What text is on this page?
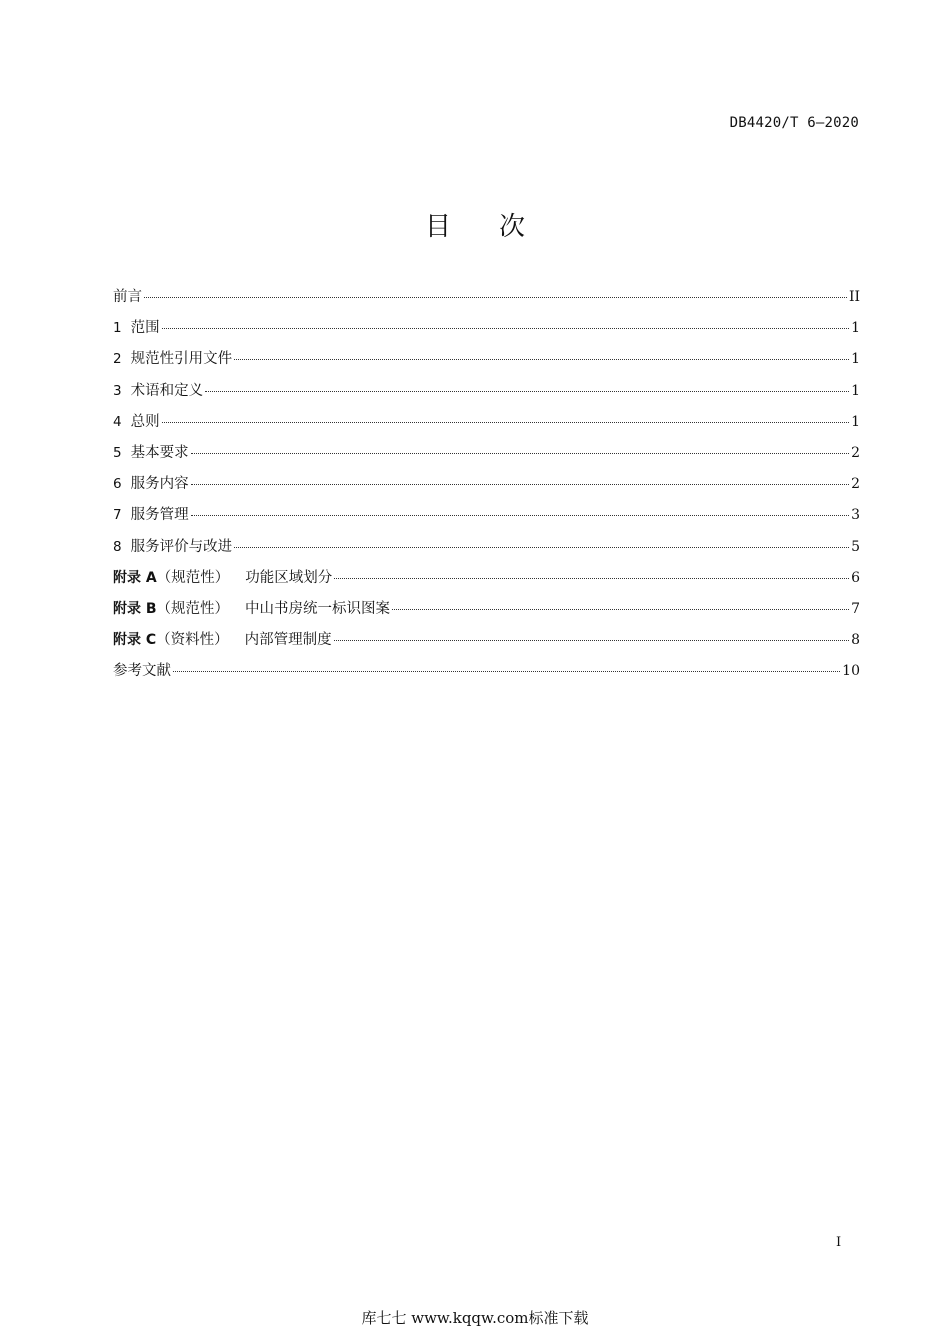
DB4420/T 6—2020
目次
前言	II
1 范围	1
2 规范性引用文件	1
3 术语和定义	1
4 总则	1
5 基本要求	2
6 服务内容	2
7 服务管理	3
8 服务评价与改进	5
附录 A （规范性） 功能区域划分	6
附录 B （规范性） 中山书房统一标识图案	7
附录 C （资料性） 内部管理制度	8
参考文献	10
I
库七七 www.kqqw.com标准下载
